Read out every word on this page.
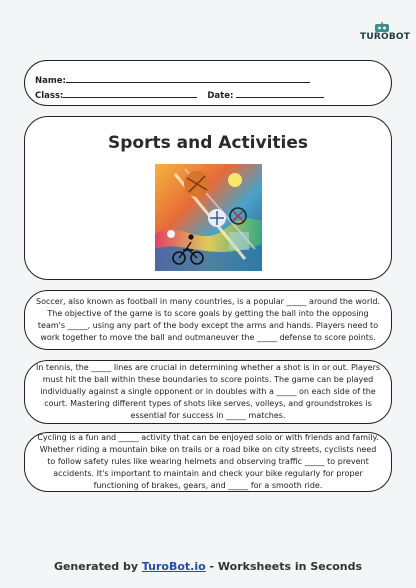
TUROBOT
Name:
Class:	Date:
Sports and Activities

Soccer, also known as football in many countries, is a popular _____ around the world. The objective of the game is to score goals by getting the ball into the opposing team's _____, using any part of the body except the arms and hands. Players need to work together to move the ball and outmaneuver the _____ defense to score points.

In tennis, the _____ lines are crucial in determining whether a shot is in or out. Players must hit the ball within these boundaries to score points. The game can be played individually against a single opponent or in doubles with a _____ on each side of the court. Mastering different types of shots like serves, volleys, and groundstrokes is essential for success in _____ matches.

Cycling is a fun and _____ activity that can be enjoyed solo or with friends and family. Whether riding a mountain bike on trails or a road bike on city streets, cyclists need to follow safety rules like wearing helmets and observing traffic _____ to prevent accidents. It's important to maintain and check your bike regularly for proper functioning of brakes, gears, and _____ for a smooth ride.

Generated by TuroBot.io - Worksheets in Seconds
